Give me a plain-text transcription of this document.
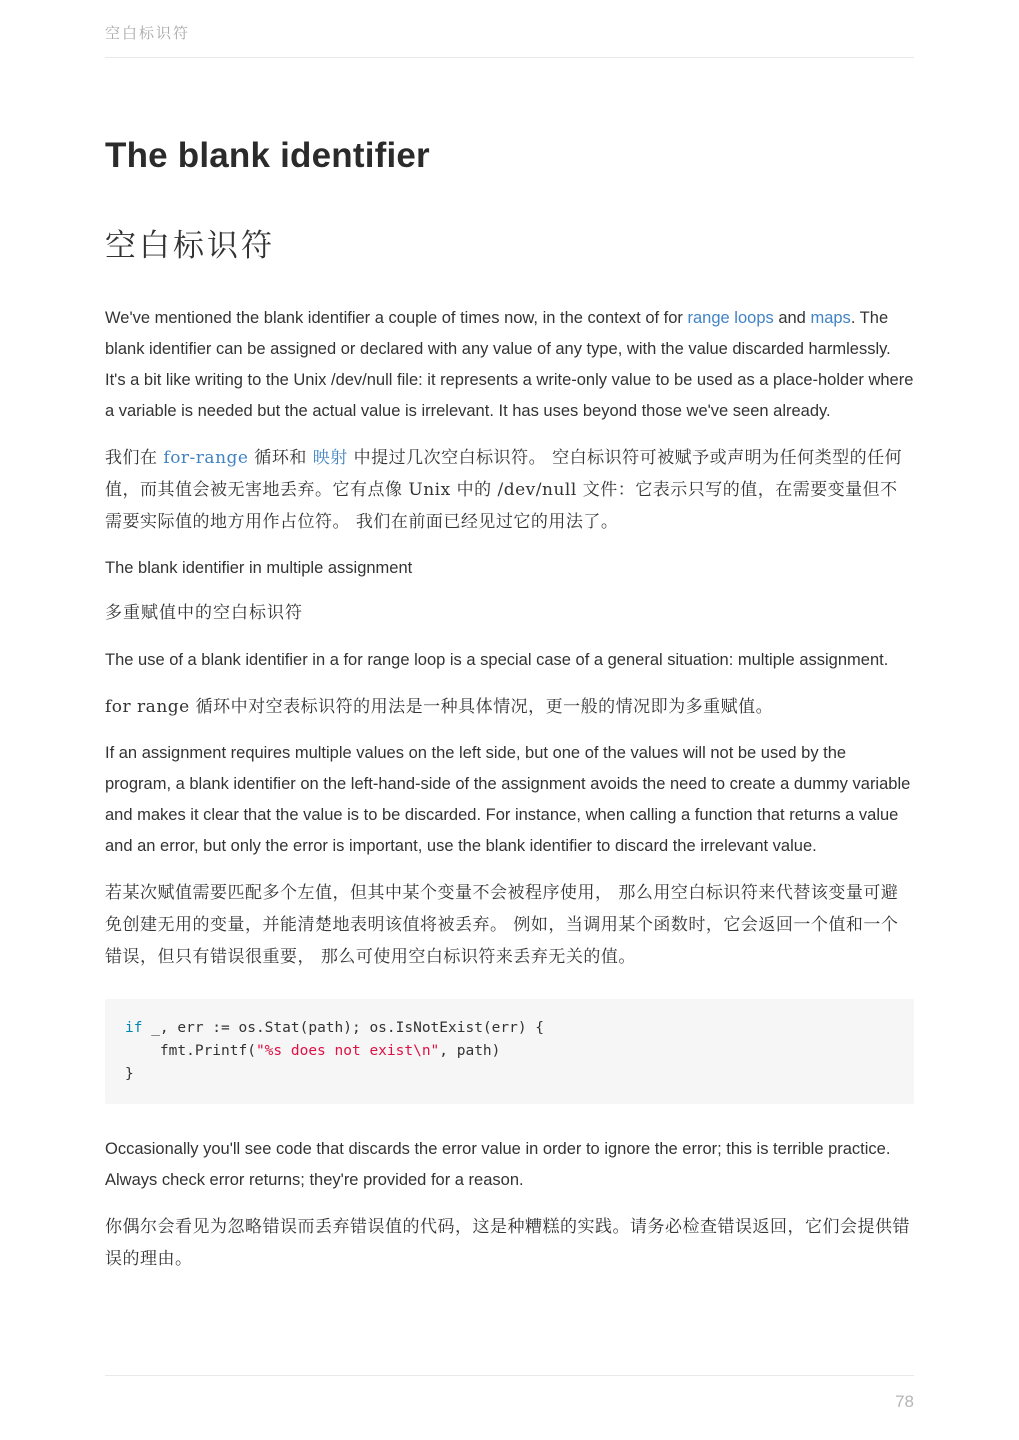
空白标识符
The blank identifier
空白标识符

We've mentioned the blank identifier a couple of times now, in the context of for range loops and maps. The blank identifier can be assigned or declared with any value of any type, with the value discarded harmlessly. It's a bit like writing to the Unix /dev/null file: it represents a write-only value to be used as a place-holder where a variable is needed but the actual value is irrelevant. It has uses beyond those we've seen already.

我们在 for-range 循环和 映射 中提过几次空白标识符。 空白标识符可被赋予或声明为任何类型的任何值，而其值会被无害地丢弃。它有点像 Unix 中的 /dev/null 文件：它表示只写的值，在需要变量但不需要实际值的地方用作占位符。 我们在前面已经见过它的用法了。

The blank identifier in multiple assignment
多重赋值中的空白标识符

The use of a blank identifier in a for range loop is a special case of a general situation: multiple assignment.

for range 循环中对空表标识符的用法是一种具体情况，更一般的情况即为多重赋值。

If an assignment requires multiple values on the left side, but one of the values will not be used by the program, a blank identifier on the left-hand-side of the assignment avoids the need to create a dummy variable and makes it clear that the value is to be discarded. For instance, when calling a function that returns a value and an error, but only the error is important, use the blank identifier to discard the irrelevant value.

若某次赋值需要匹配多个左值，但其中某个变量不会被程序使用， 那么用空白标识符来代替该变量可避免创建无用的变量，并能清楚地表明该值将被丢弃。 例如，当调用某个函数时，它会返回一个值和一个错误，但只有错误很重要， 那么可使用空白标识符来丢弃无关的值。

if _, err := os.Stat(path); os.IsNotExist(err) {
fmt.Printf("%s does not exist\n", path)
}

Occasionally you'll see code that discards the error value in order to ignore the error; this is terrible practice. Always check error returns; they're provided for a reason.

你偶尔会看见为忽略错误而丢弃错误值的代码，这是种糟糕的实践。请务必检查错误返回，它们会提供错误的理由。

78
